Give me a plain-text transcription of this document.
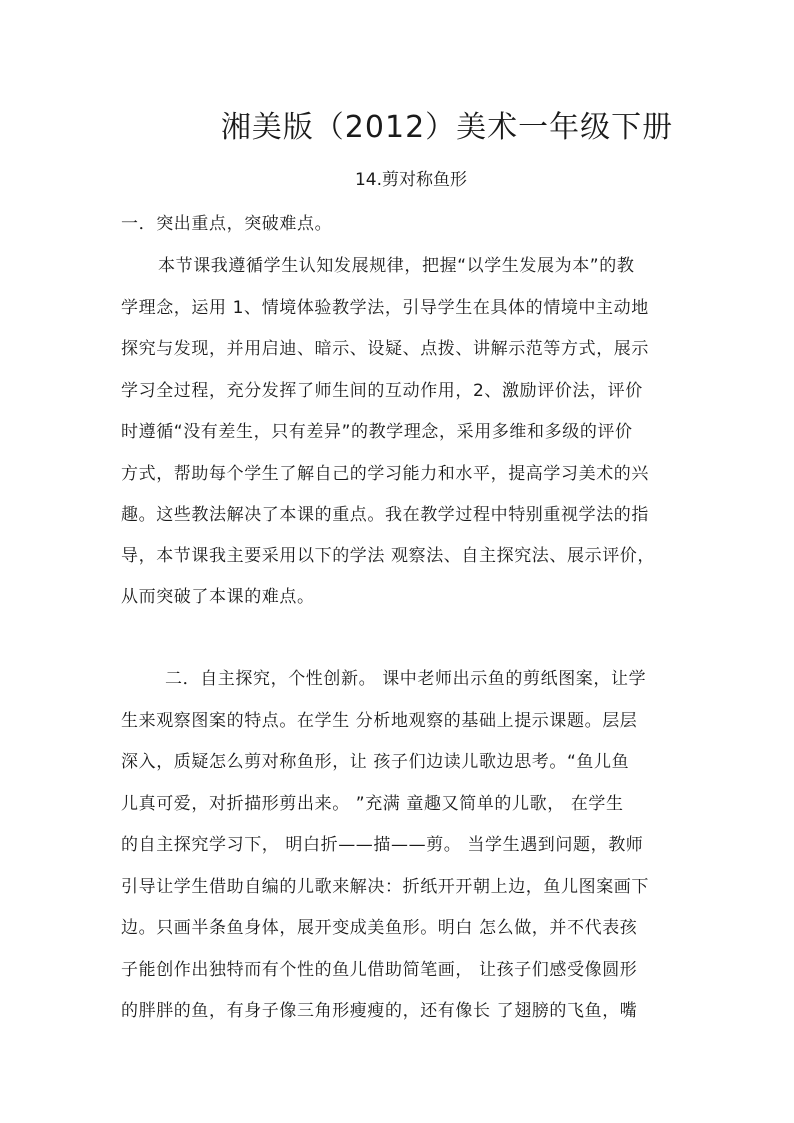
湘美版（2012）美术一年级下册
14.剪对称鱼形
一．突出重点，突破难点。
本节课我遵循学生认知发展规律，把握“以学生发展为本”的教
学理念，运用 1、情境体验教学法，引导学生在具体的情境中主动地
探究与发现，并用启迪、暗示、设疑、点拨、讲解示范等方式，展示
学习全过程，充分发挥了师生间的互动作用，2、激励评价法，评价
时遵循“没有差生，只有差异”的教学理念，采用多维和多级的评价
方式，帮助每个学生了解自己的学习能力和水平，提高学习美术的兴
趣。这些教法解决了本课的重点。我在教学过程中特别重视学法的指
导，本节课我主要采用以下的学法 观察法、自主探究法、展示评价，
从而突破了本课的难点。
二．自主探究，个性创新。 课中老师出示鱼的剪纸图案，让学
生来观察图案的特点。在学生 分析地观察的基础上提示课题。层层
深入，质疑怎么剪对称鱼形，让 孩子们边读儿歌边思考。“鱼儿鱼
儿真可爱，对折描形剪出来。 ”充满 童趣又简单的儿歌， 在学生
的自主探究学习下， 明白折——描——剪。 当学生遇到问题，教师
引导让学生借助自编的儿歌来解决：折纸开开朝上边，鱼儿图案画下
边。只画半条鱼身体，展开变成美鱼形。明白 怎么做，并不代表孩
子能创作出独特而有个性的鱼儿借助简笔画， 让孩子们感受像圆形
的胖胖的鱼，有身子像三角形瘦瘦的，还有像长 了翅膀的飞鱼，嘴
